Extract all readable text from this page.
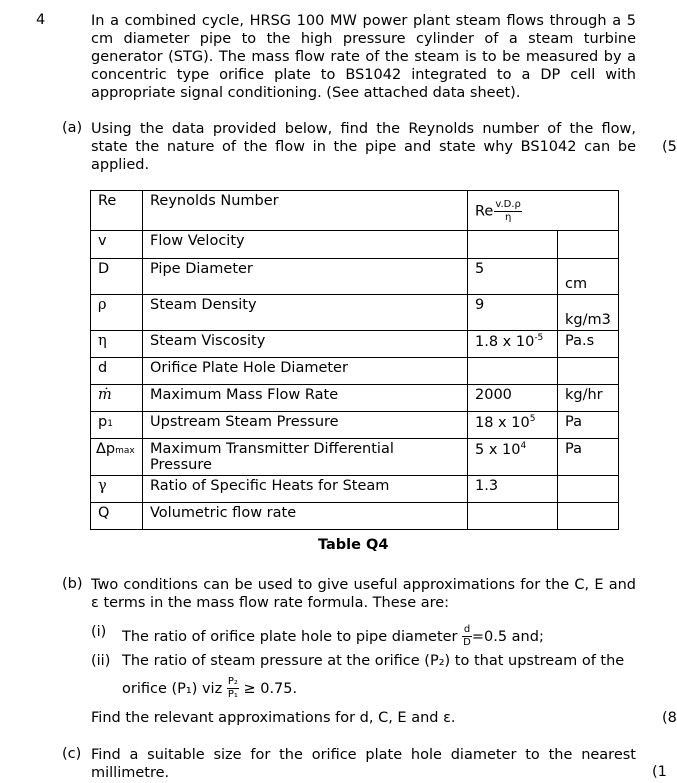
4	In a combined cycle, HRSG 100 MW power plant steam flows through a 5 cm diameter pipe to the high pressure cylinder of a steam turbine generator (STG). The mass flow rate of the steam is to be measured by a concentric type orifice plate to BS1042 integrated to a DP cell with appropriate signal conditioning. (See attached data sheet).
(a) Using the data provided below, find the Reynolds number of the flow, state the nature of the flow in the pipe and state why BS1042 can be applied.
(5
Re	Reynolds Number	Re $\frac{v.D.\rho}{\eta}$

v	Flow Velocity		
D	Pipe Diameter	5	cm
ρ	Steam Density	9	kg/m3
η	Steam Viscosity	1.8 x $10^{-5}$	Pa.s
d	Orifice Plate Hole Diameter		
ṁ	Maximum Mass Flow Rate	2000	kg/hr
p1	Upstream Steam Pressure	18 x $10^5$	Pa
Δpmax	Maximum Transmitter Differential Pressure	5 x $10^4$	Pa
γ	Ratio of Specific Heats for Steam	1.3	
Q	Volumetric flow rate		
Table Q4
(b) Two conditions can be used to give useful approximations for the C, E and ε terms in the mass flow rate formula. These are:
(i) The ratio of orifice plate hole to pipe diameter $\frac{d}{D} =0.5$ and;
(ii) The ratio of steam pressure at the orifice (P₂) to that upstream of the
orifice (P₁) viz $\frac{\text{P₂}}{\text{P₁}} \ge 0.75$.
Find the relevant approximations for d, C, E and ε.	(8
(c) Find a suitable size for the orifice plate hole diameter to the nearest millimetre.	(1
